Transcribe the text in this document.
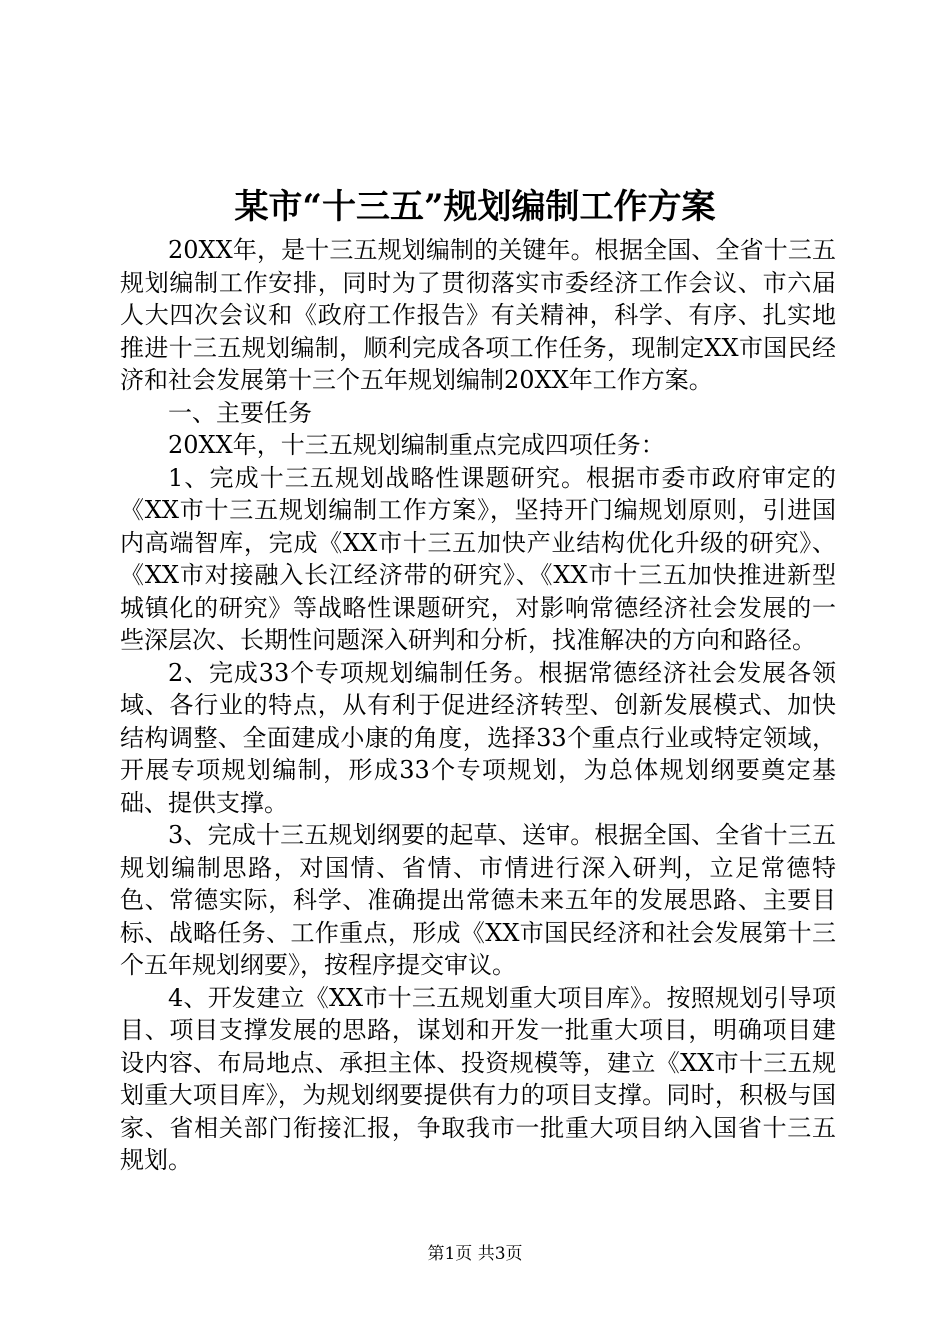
某市“十三五”规划编制工作方案

20XX年，是十三五规划编制的关键年。根据全国、全省十三五规划编制工作安排，同时为了贯彻落实市委经济工作会议、市六届人大四次会议和《政府工作报告》有关精神，科学、有序、扎实地推进十三五规划编制，顺利完成各项工作任务，现制定XX市国民经济和社会发展第十三个五年规划编制20XX年工作方案。

一、主要任务

20XX年，十三五规划编制重点完成四项任务：

1、完成十三五规划战略性课题研究。根据市委市政府审定的《XX市十三五规划编制工作方案》，坚持开门编规划原则，引进国内高端智库，完成《XX市十三五加快产业结构优化升级的研究》、《XX市对接融入长江经济带的研究》、《XX市十三五加快推进新型城镇化的研究》等战略性课题研究，对影响常德经济社会发展的一些深层次、长期性问题深入研判和分析，找准解决的方向和路径。

2、完成33个专项规划编制任务。根据常德经济社会发展各领域、各行业的特点，从有利于促进经济转型、创新发展模式、加快结构调整、全面建成小康的角度，选择33个重点行业或特定领域，开展专项规划编制，形成33个专项规划，为总体规划纲要奠定基础、提供支撑。

3、完成十三五规划纲要的起草、送审。根据全国、全省十三五规划编制思路，对国情、省情、市情进行深入研判，立足常德特色、常德实际，科学、准确提出常德未来五年的发展思路、主要目标、战略任务、工作重点，形成《XX市国民经济和社会发展第十三个五年规划纲要》，按程序提交审议。

4、开发建立《XX市十三五规划重大项目库》。按照规划引导项目、项目支撑发展的思路，谋划和开发一批重大项目，明确项目建设内容、布局地点、承担主体、投资规模等，建立《XX市十三五规划重大项目库》，为规划纲要提供有力的项目支撑。同时，积极与国家、省相关部门衔接汇报，争取我市一批重大项目纳入国省十三五规划。

第1页 共3页
